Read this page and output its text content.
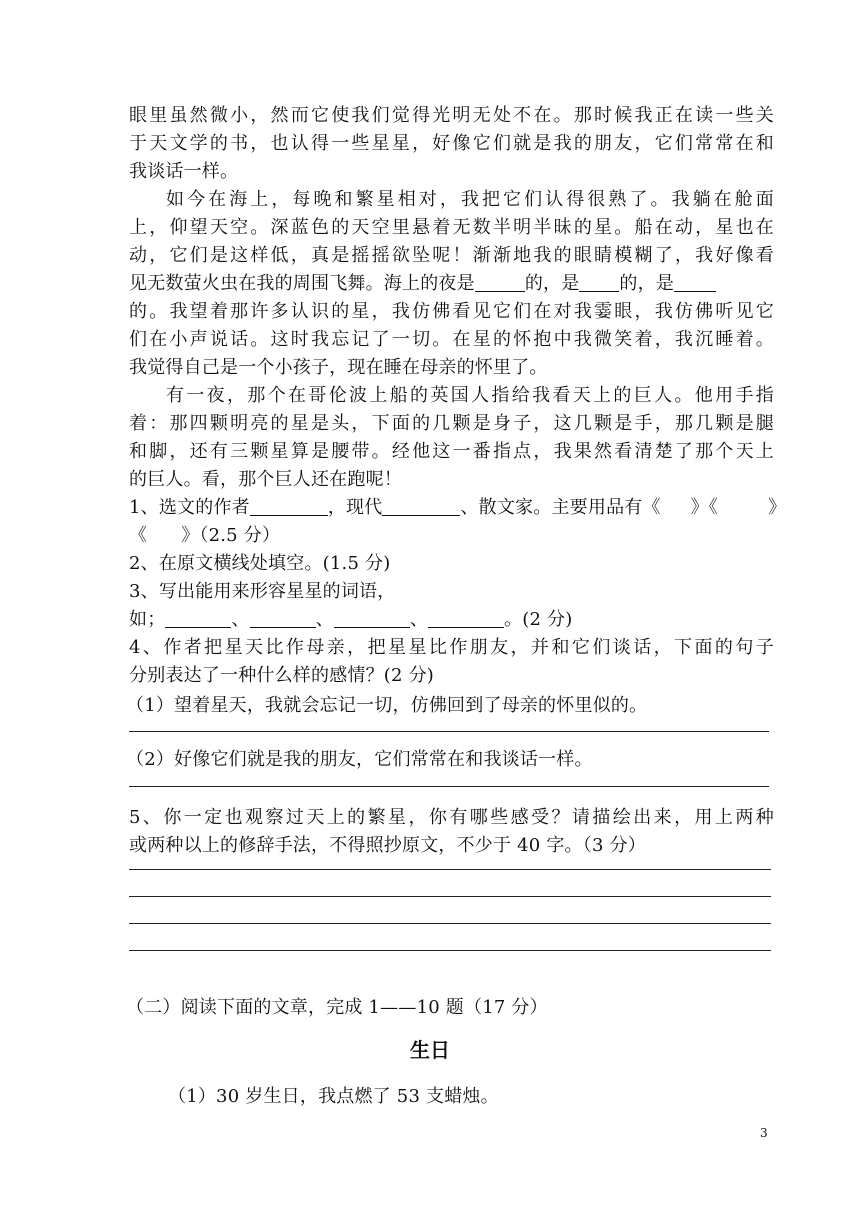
眼里虽然微小，然而它使我们觉得光明无处不在。那时候我正在读一些关
于天文学的书，也认得一些星星，好像它们就是我的朋友，它们常常在和
我谈话一样。
如今在海上，每晚和繁星相对，我把它们认得很熟了。我躺在舱面
上，仰望天空。深蓝色的天空里悬着无数半明半昧的星。船在动，星也在
动，它们是这样低，真是摇摇欲坠呢！渐渐地我的眼睛模糊了，我好像看
见无数萤火虫在我的周围飞舞。海上的夜是	的，是 的，是
的。我望着那许多认识的星，我仿佛看见它们在对我霎眼，我仿佛听见它
们在小声说话。这时我忘记了一切。在星的怀抱中我微笑着，我沉睡着。
我觉得自己是一个小孩子，现在睡在母亲的怀里了。
有一夜，那个在哥伦波上船的英国人指给我看天上的巨人。他用手指
着：那四颗明亮的星是头，下面的几颗是身子，这几颗是手，那几颗是腿
和脚，还有三颗星算是腰带。经他这一番指点，我果然看清楚了那个天上
的巨人。看，那个巨人还在跑呢！
1、选文的作者	，现代	、散文家。主要用品有《 》《	》
《 》（2.5 分）
2、在原文横线处填空。(1.5 分)
3、写出能用来形容星星的词语，
如；	、	、	、	。(2 分)
4、作者把星天比作母亲，把星星比作朋友，并和它们谈话，下面的句子
分别表达了一种什么样的感情？(2 分)
（1）望着星天，我就会忘记一切，仿佛回到了母亲的怀里似的。
（2）好像它们就是我的朋友，它们常常在和我谈话一样。
5、你一定也观察过天上的繁星，你有哪些感受？请描绘出来，用上两种
或两种以上的修辞手法，不得照抄原文，不少于 40 字。（3 分）
（二）阅读下面的文章，完成 1——10 题（17 分）
生日
（1）30 岁生日，我点燃了 53 支蜡烛。
3
